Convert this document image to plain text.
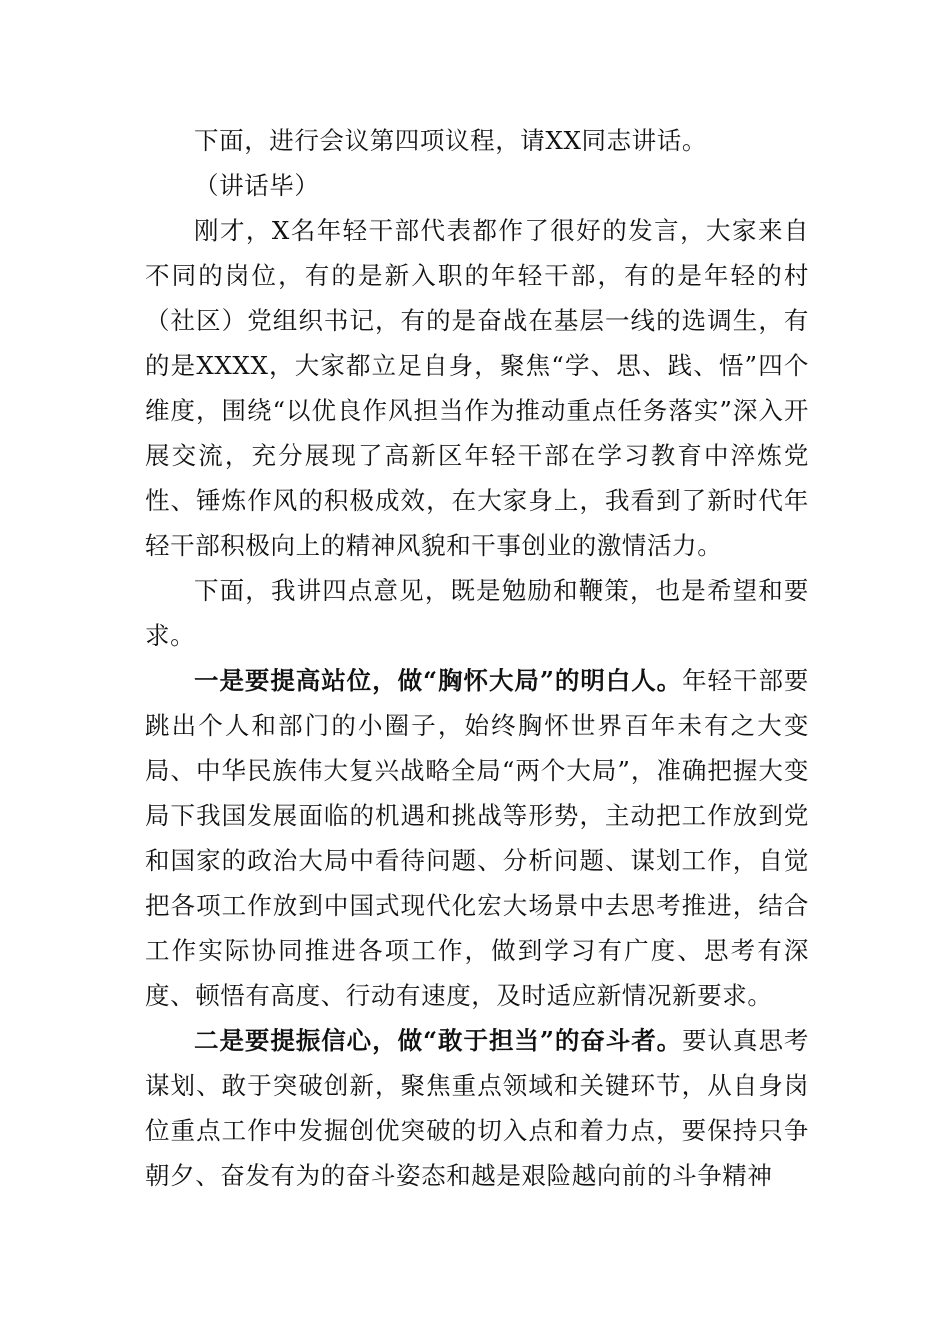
下面，进行会议第四项议程，请XX同志讲话。

（讲话毕）

刚才，X名年轻干部代表都作了很好的发言，大家来自不同的岗位，有的是新入职的年轻干部，有的是年轻的村（社区）党组织书记，有的是奋战在基层一线的选调生，有的是XXXX，大家都立足自身，聚焦“学、思、践、悟”四个维度，围绕“以优良作风担当作为推动重点任务落实”深入开展交流，充分展现了高新区年轻干部在学习教育中淬炼党性、锤炼作风的积极成效，在大家身上，我看到了新时代年轻干部积极向上的精神风貌和干事创业的激情活力。

下面，我讲四点意见，既是勉励和鞭策，也是希望和要求。

一是要提高站位，做“胸怀大局”的明白人。年轻干部要跳出个人和部门的小圈子，始终胸怀世界百年未有之大变局、中华民族伟大复兴战略全局“两个大局”，准确把握大变局下我国发展面临的机遇和挑战等形势，主动把工作放到党和国家的政治大局中看待问题、分析问题、谋划工作，自觉把各项工作放到中国式现代化宏大场景中去思考推进，结合工作实际协同推进各项工作，做到学习有广度、思考有深度、顿悟有高度、行动有速度，及时适应新情况新要求。

二是要提振信心，做“敢于担当”的奋斗者。要认真思考谋划、敢于突破创新，聚焦重点领域和关键环节，从自身岗位重点工作中发掘创优突破的切入点和着力点，要保持只争朝夕、奋发有为的奋斗姿态和越是艰险越向前的斗争精神
